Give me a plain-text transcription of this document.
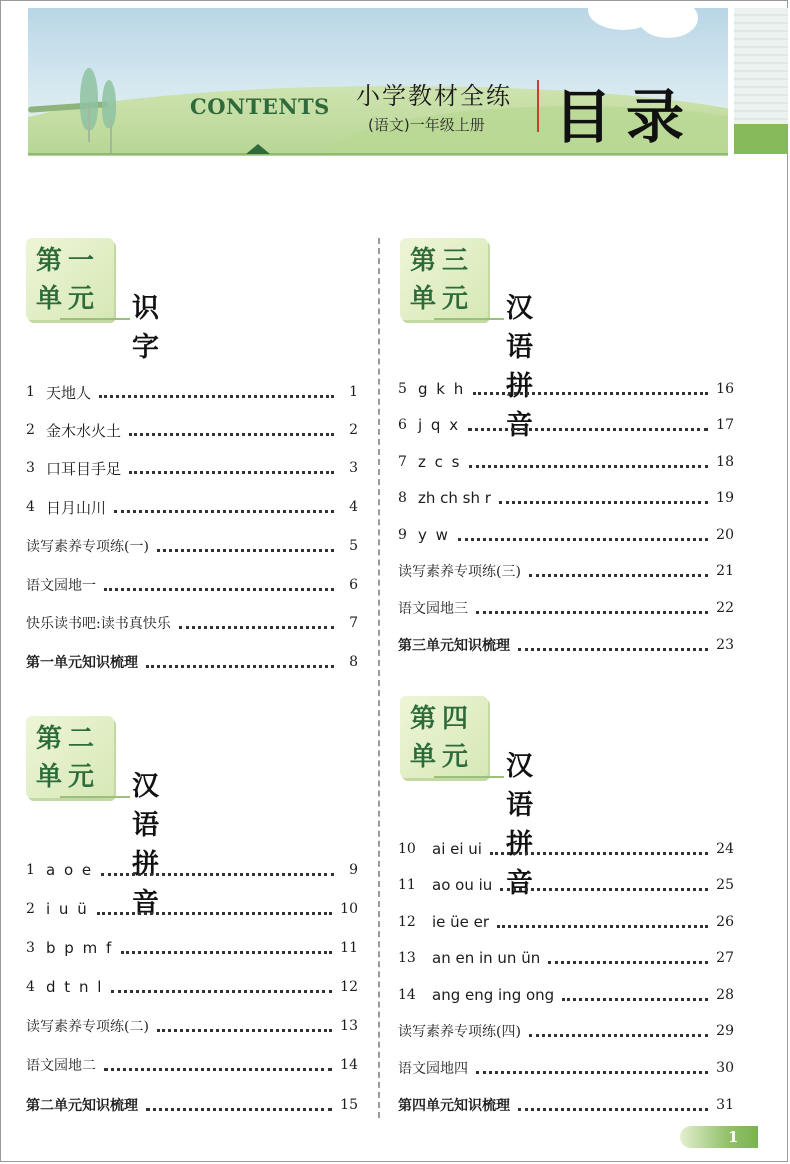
CONTENTS 小学教材全练
(语文)一年级上册 目录
第一
单元	识字
第二
单元	汉语拼音
第三
单元	汉语拼音
第四
单元	汉语拼音
1 天地人	1
2 金木水火土	2
3 口耳目手足	3
4 日月山川	4
读写素养专项练(一)	5
语文园地一	6
快乐读书吧:读书真快乐	7
第一单元知识梳理	8
1 a o e	9
2 i u ü	10
3 b p m f	11
4 d t n l	12
读写素养专项练(二)	13
语文园地二	14
第二单元知识梳理	15
5 g k h	16
6 j q x	17
7 z c s	18
8 zh ch sh r	19
9 y w	20
读写素养专项练(三)	21
语文园地三	22
第三单元知识梳理	23
10	ai ei ui	24
11	ao ou iu	25
12	ie üe er	26
13	an en in un ün	27
14	ang eng ing ong	28
读写素养专项练(四)	29
语文园地四	30
第四单元知识梳理	31
1
